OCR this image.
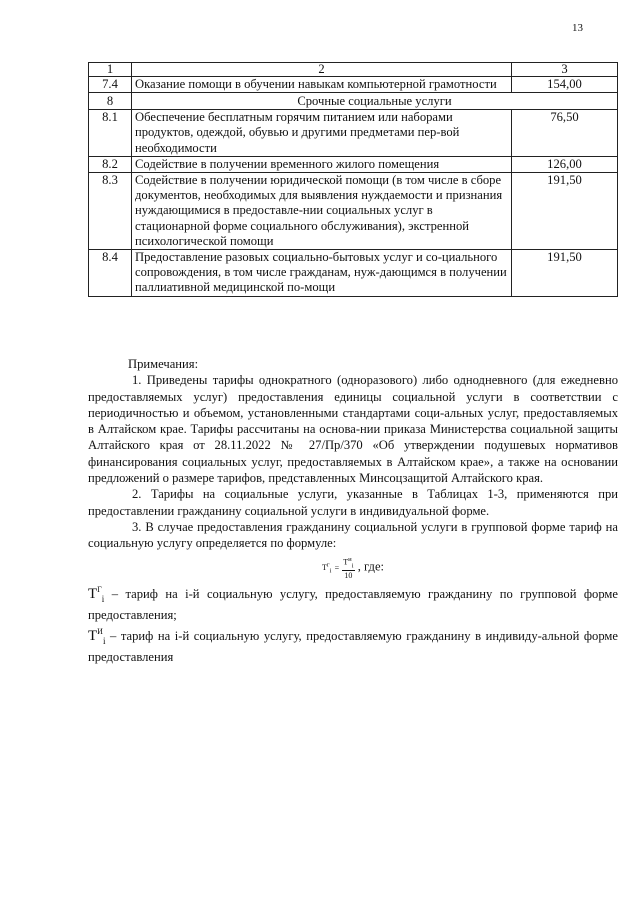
13
1	2	3
7.4	Оказание помощи в обучении навыкам компьютерной грамотности	154,00
8	Срочные социальные услуги	
8.1	Обеспечение бесплатным горячим питанием или наборами продуктов, одеждой, обувью и другими предметами пер-вой необходимости	76,50
8.2	Содействие в получении временного жилого помещения	126,00
8.3	Содействие в получении юридической помощи (в том числе в сборе документов, необходимых для выявления нуждаемости и признания нуждающимися в предоставле-нии социальных услуг в стационарной форме социального обслуживания), экстренной психологической помощи	191,50
8.4	Предоставление разовых социально-бытовых услуг и со-циального сопровождения, в том числе гражданам, нуж-дающимся в получении паллиативной медицинской по-мощи	191,50

Примечания:

1. Приведены тарифы однократного (одноразового) либо однодневного (для ежедневно предоставляемых услуг) предоставления единицы социальной услуги в соответствии с периодичностью и объемом, установленными стандартами соци-альных услуг, предоставляемых в Алтайском крае. Тарифы рассчитаны на основа-нии приказа Министерства социальной защиты Алтайского края от 28.11.2022 № 27/Пр/370 «Об утверждении подушевых нормативов финансирования социальных услуг, предоставляемых в Алтайском крае», а также на основании предложений о размере тарифов, представленных Минсоцзащитой Алтайского края.

2. Тарифы на социальные услуги, указанные в Таблицах 1-3, применяются при предоставлении гражданину социальной услуги в индивидуальной форме.

3. В случае предоставления гражданину социальной услуги в групповой форме тариф на социальную услугу определяется по формуле:

$T^г_i = \frac{T^и_i}{10}$ , где:

$T^Г_i$ – тариф на i-й социальную услугу, предоставляемую гражданину по групповой форме предоставления;

$T^И_i$ – тариф на i-й социальную услугу, предоставляемую гражданину в индивиду-альной форме предоставления
